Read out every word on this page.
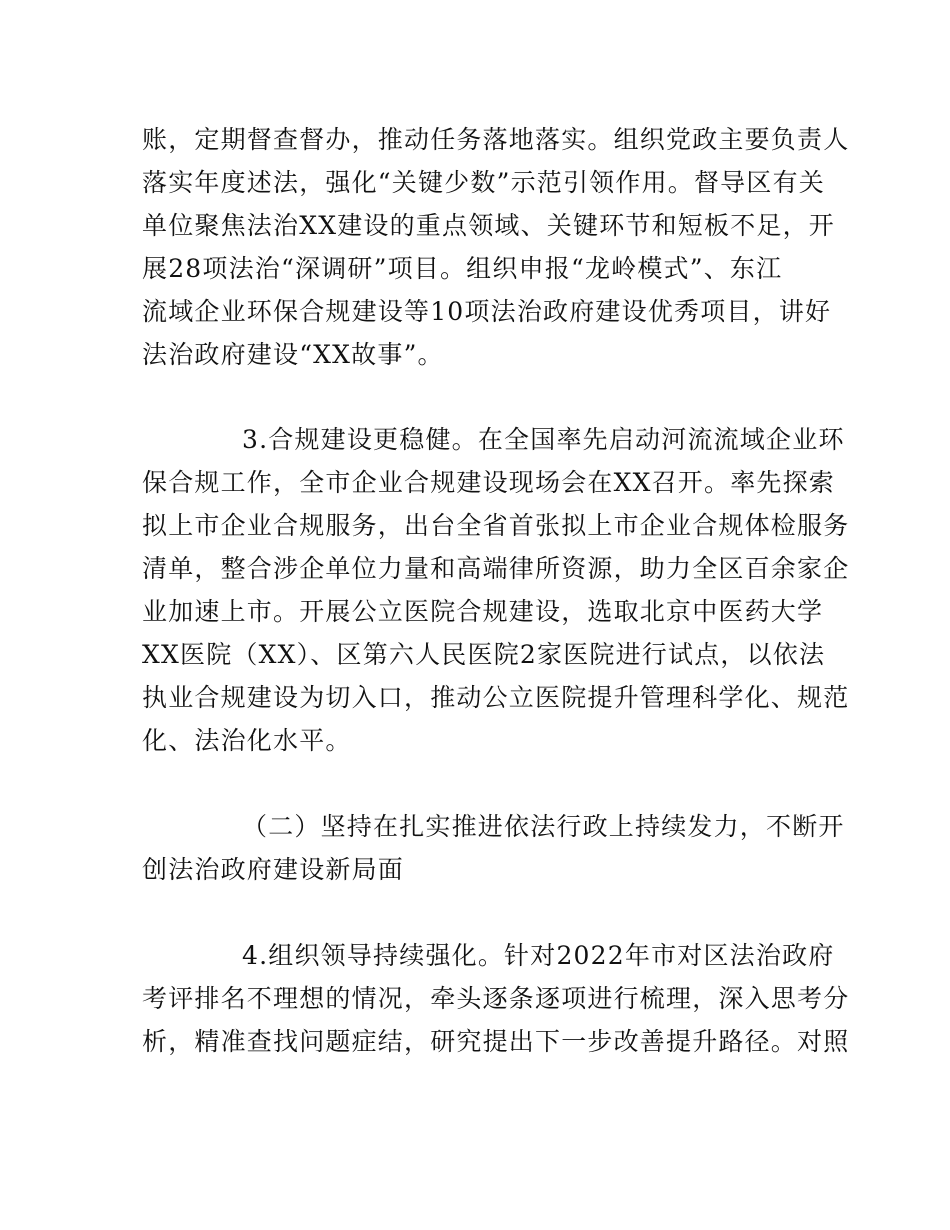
账，定期督查督办，推动任务落地落实。组织党政主要负责人

落实年度述法，强化“关键少数”示范引领作用。督导区有关

单位聚焦法治XX建设的重点领域、关键环节和短板不足，开

展28项法治“深调研”项目。组织申报“龙岭模式”、东江

流域企业环保合规建设等10项法治政府建设优秀项目，讲好

法治政府建设“XX故事”。

3.合规建设更稳健。在全国率先启动河流流域企业环

保合规工作，全市企业合规建设现场会在XX召开。率先探索

拟上市企业合规服务，出台全省首张拟上市企业合规体检服务

清单，整合涉企单位力量和高端律所资源，助力全区百余家企

业加速上市。开展公立医院合规建设，选取北京中医药大学

XX医院（XX）、区第六人民医院2家医院进行试点，以依法

执业合规建设为切入口，推动公立医院提升管理科学化、规范

化、法治化水平。

（二）坚持在扎实推进依法行政上持续发力，不断开

创法治政府建设新局面

4.组织领导持续强化。针对2022年市对区法治政府

考评排名不理想的情况，牵头逐条逐项进行梳理，深入思考分

析，精准查找问题症结，研究提出下一步改善提升路径。对照
